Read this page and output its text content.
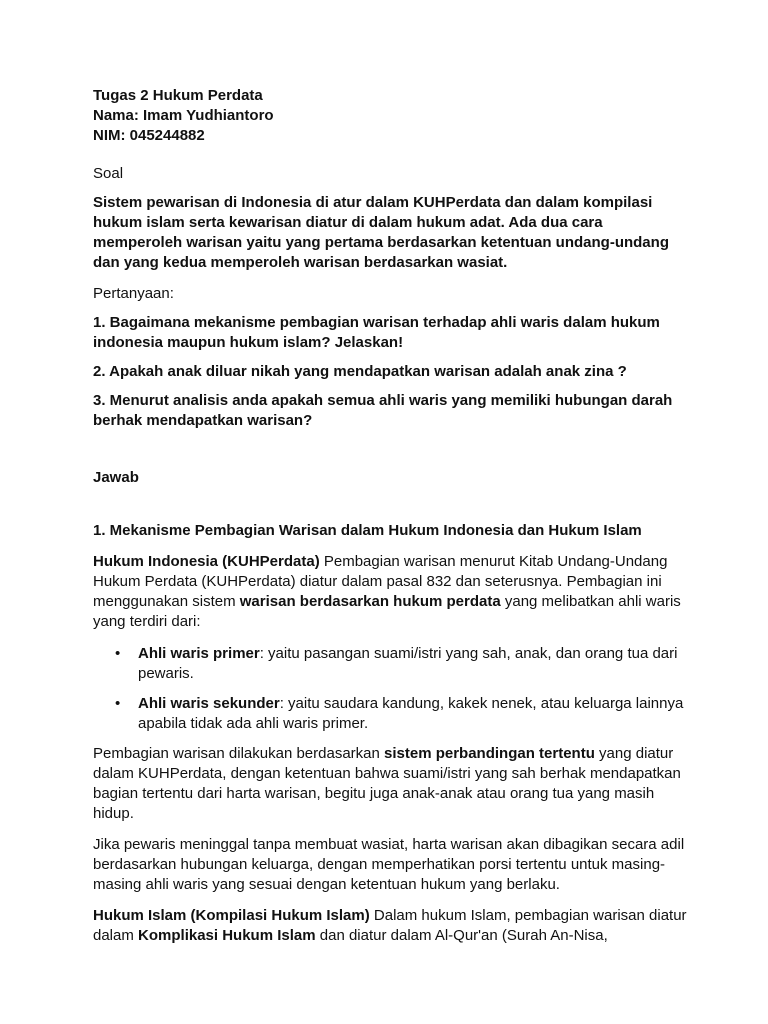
Tugas 2 Hukum Perdata
Nama: Imam Yudhiantoro
NIM: 045244882
Soal
Sistem pewarisan di Indonesia di atur dalam KUHPerdata dan dalam kompilasi hukum islam serta kewarisan diatur di dalam hukum adat. Ada dua cara memperoleh warisan yaitu yang pertama berdasarkan ketentuan undang-undang dan yang kedua memperoleh warisan berdasarkan wasiat.
Pertanyaan:
1. Bagaimana mekanisme pembagian warisan terhadap ahli waris dalam hukum indonesia maupun hukum islam? Jelaskan!
2. Apakah anak diluar nikah yang mendapatkan warisan adalah anak zina ?
3. Menurut analisis anda apakah semua ahli waris yang memiliki hubungan darah berhak mendapatkan warisan?
Jawab
1. Mekanisme Pembagian Warisan dalam Hukum Indonesia dan Hukum Islam
Hukum Indonesia (KUHPerdata) Pembagian warisan menurut Kitab Undang-Undang Hukum Perdata (KUHPerdata) diatur dalam pasal 832 dan seterusnya. Pembagian ini menggunakan sistem warisan berdasarkan hukum perdata yang melibatkan ahli waris yang terdiri dari:
• Ahli waris primer: yaitu pasangan suami/istri yang sah, anak, dan orang tua dari pewaris.
• Ahli waris sekunder: yaitu saudara kandung, kakek nenek, atau keluarga lainnya apabila tidak ada ahli waris primer.
Pembagian warisan dilakukan berdasarkan sistem perbandingan tertentu yang diatur dalam KUHPerdata, dengan ketentuan bahwa suami/istri yang sah berhak mendapatkan bagian tertentu dari harta warisan, begitu juga anak-anak atau orang tua yang masih hidup.
Jika pewaris meninggal tanpa membuat wasiat, harta warisan akan dibagikan secara adil berdasarkan hubungan keluarga, dengan memperhatikan porsi tertentu untuk masing-masing ahli waris yang sesuai dengan ketentuan hukum yang berlaku.
Hukum Islam (Kompilasi Hukum Islam) Dalam hukum Islam, pembagian warisan diatur dalam Komplikasi Hukum Islam dan diatur dalam Al-Qur'an (Surah An-Nisa,
